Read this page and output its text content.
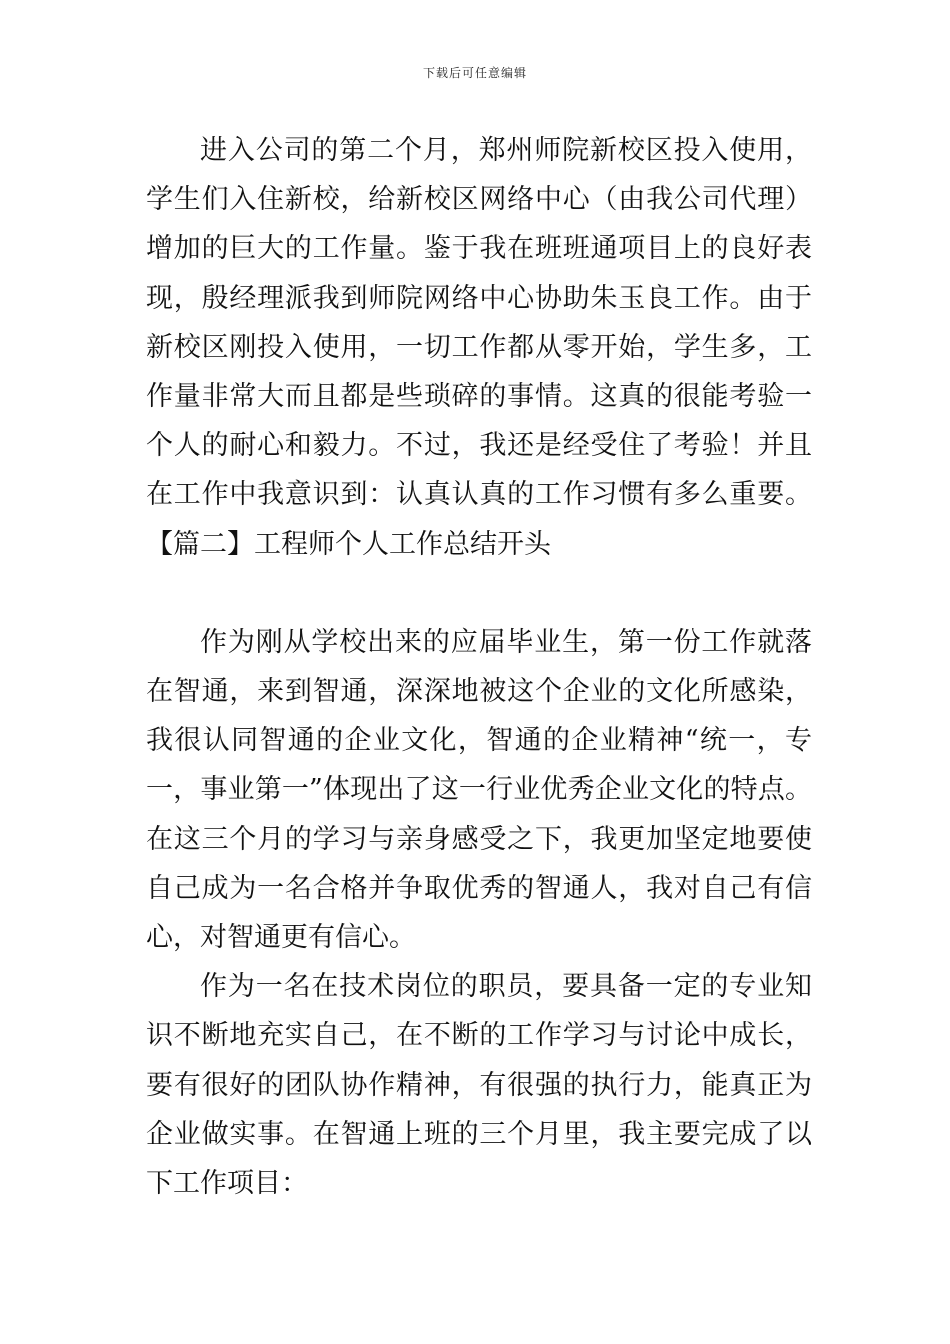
下载后可任意编辑

进入公司的第二个月，郑州师院新校区投入使用，学生们入住新校，给新校区网络中心（由我公司代理）增加的巨大的工作量。鉴于我在班班通项目上的良好表现，殷经理派我到师院网络中心协助朱玉良工作。由于新校区刚投入使用，一切工作都从零开始，学生多，工作量非常大而且都是些琐碎的事情。这真的很能考验一个人的耐心和毅力。不过，我还是经受住了考验！并且在工作中我意识到：认真认真的工作习惯有多么重要。【篇二】工程师个人工作总结开头

作为刚从学校出来的应届毕业生，第一份工作就落在智通，来到智通，深深地被这个企业的文化所感染，我很认同智通的企业文化，智通的企业精神“统一，专一，事业第一”体现出了这一行业优秀企业文化的特点。在这三个月的学习与亲身感受之下，我更加坚定地要使自己成为一名合格并争取优秀的智通人，我对自己有信心，对智通更有信心。

作为一名在技术岗位的职员，要具备一定的专业知识不断地充实自己，在不断的工作学习与讨论中成长，要有很好的团队协作精神，有很强的执行力，能真正为企业做实事。在智通上班的三个月里，我主要完成了以下工作项目：
